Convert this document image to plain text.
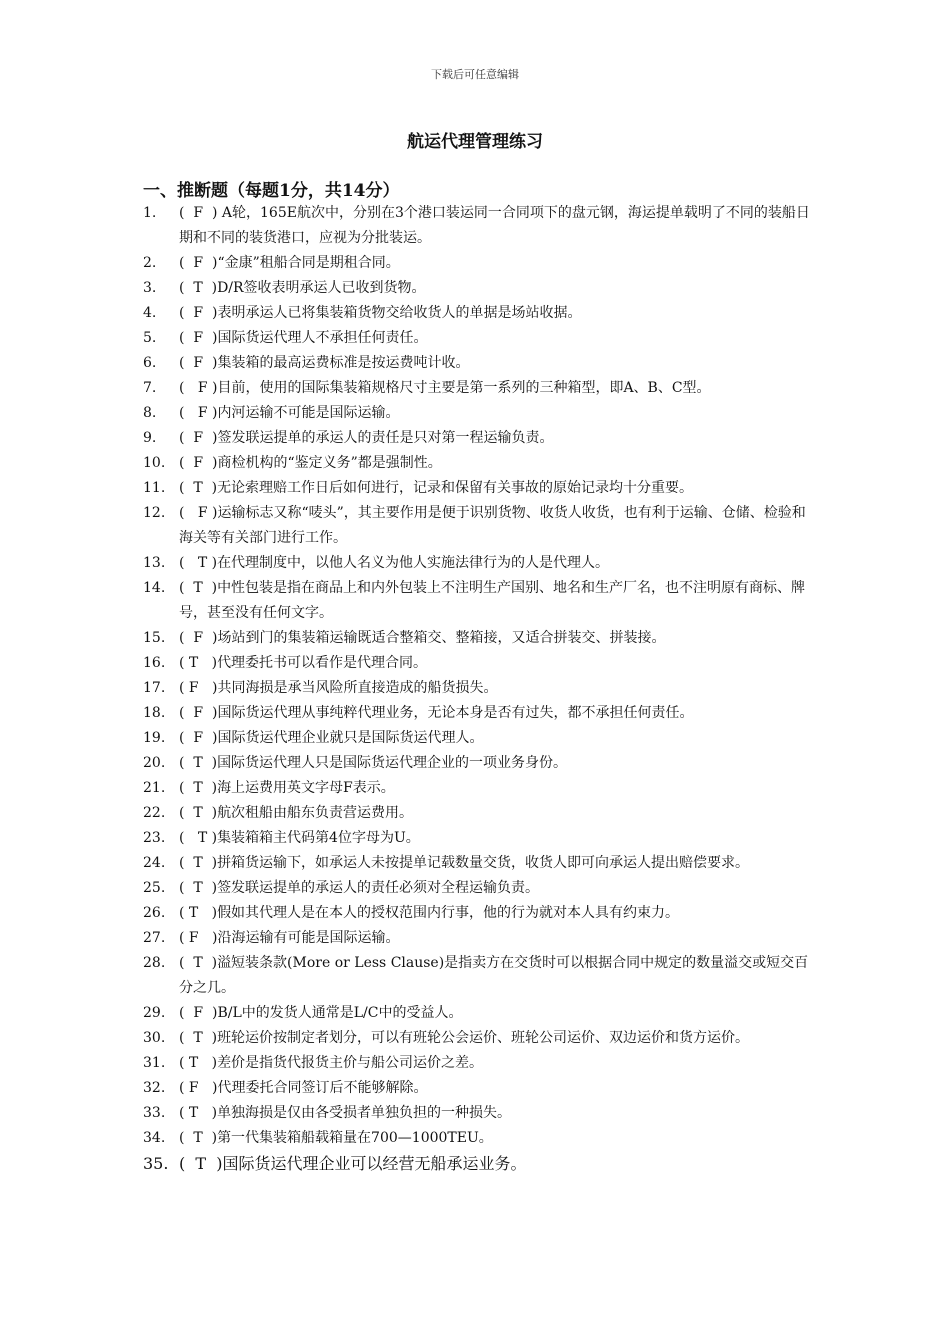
下载后可任意编辑
航运代理管理练习
一、推断题（每题1分，共14分）
1. (  F  ) A轮，165E航次中，分别在3个港口装运同一合同项下的盘元钢，海运提单载明了不同的装船日期和不同的装货港口，应视为分批装运。
2. (  F  )“金康”租船合同是期租合同。
3. (  T  )D/R签收表明承运人已收到货物。
4. (  F  )表明承运人已将集装箱货物交给收货人的单据是场站收据。
5. (  F  )国际货运代理人不承担任何责任。
6. (  F  )集装箱的最高运费标准是按运费吨计收。
7. (   F )目前，使用的国际集装箱规格尺寸主要是第一系列的三种箱型，即A、B、C型。
8. (   F )内河运输不可能是国际运输。
9. (  F  )签发联运提单的承运人的责任是只对第一程运输负责。
10. (  F  )商检机构的“鉴定义务”都是强制性。
11. (  T  )无论索理赔工作日后如何进行，记录和保留有关事故的原始记录均十分重要。
12. (   F )运输标志又称“唛头”，其主要作用是便于识别货物、收货人收货，也有利于运输、仓储、检验和海关等有关部门进行工作。
13. (   T )在代理制度中，以他人名义为他人实施法律行为的人是代理人。
14. (  T  )中性包装是指在商品上和内外包装上不注明生产国别、地名和生产厂名，也不注明原有商标、牌号，甚至没有任何文字。
15. (  F  )场站到门的集装箱运输既适合整箱交、整箱接，又适合拼装交、拼装接。
16. ( T   )代理委托书可以看作是代理合同。
17. ( F   )共同海损是承当风险所直接造成的船货损失。
18. (  F  )国际货运代理从事纯粹代理业务，无论本身是否有过失，都不承担任何责任。
19. (  F  )国际货运代理企业就只是国际货运代理人。
20. (  T  )国际货运代理人只是国际货运代理企业的一项业务身份。
21. (  T  )海上运费用英文字母F表示。
22. (  T  )航次租船由船东负责营运费用。
23. (   T )集装箱箱主代码第4位字母为U。
24. (  T  )拼箱货运输下，如承运人未按提单记载数量交货，收货人即可向承运人提出赔偿要求。
25. (  T  )签发联运提单的承运人的责任必须对全程运输负责。
26. ( T   )假如其代理人是在本人的授权范围内行事，他的行为就对本人具有约束力。
27. ( F   )沿海运输有可能是国际运输。
28. (  T  )溢短装条款(More or Less Clause)是指卖方在交货时可以根据合同中规定的数量溢交或短交百分之几。
29. (  F  )B/L中的发货人通常是L/C中的受益人。
30. (  T  )班轮运价按制定者划分，可以有班轮公会运价、班轮公司运价、双边运价和货方运价。
31. ( T   )差价是指货代报货主价与船公司运价之差。
32. ( F   )代理委托合同签订后不能够解除。
33. ( T   )单独海损是仅由各受损者单独负担的一种损失。
34. (  T  )第一代集装箱船载箱量在700—1000TEU。
35. (  T  )国际货运代理企业可以经营无船承运业务。
